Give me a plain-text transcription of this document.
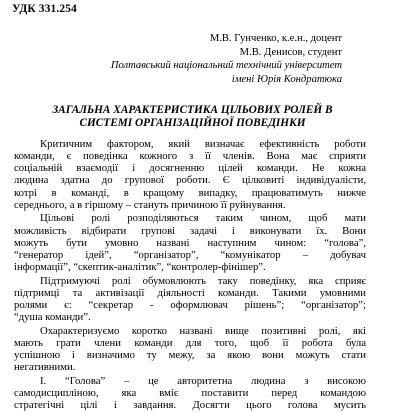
УДК 331.254
М.В. Гунченко, к.е.н., доцент
М.В. Денисов, студент
Полтавський національний технічний університет
імені Юрія Кондратюка
ЗАГАЛЬНА ХАРАКТЕРИСТИКА ЦІЛЬОВИХ РОЛЕЙ В
СИСТЕМІ ОРГАНІЗАЦІЙНОЇ ПОВЕДІНКИ
Критичним фактором, який визначає ефективність роботи
команди, є поведінка кожного з її членів. Вона має сприяти
соціальній взаємодії і досягненню цілей команди. Не кожна
людина здатна до групової роботи. Є цілковиті індивідуалісти,
котрі в команді, в кращому випадку, працюватимуть нижче
середнього, а в гіршому – стануть причиною її руйнування.
Цільові ролі розподіляються таким чином, щоб мати
можливість відбирати групові задачі і виконувати їх. Вони
можуть бути умовно названі наступним чином: “голова”,
“генератор ідей”, “організатор”, “комунікатор – добувач
інформації”, “скептик-аналітик”, “контролер-фінішер”.
Підтримуючі ролі обумовлюють таку поведінку, яка сприяє
підтримці та активізації діяльності команди. Такими умовними
ролями є: “секретар - оформлювач рішень”; “організатор”;
“душа команди”.
Охарактеризуємо коротко названі вище позитивні ролі, які
мають грати члени команди для того, щоб її робота була
успішною і визначимо ту межу, за якою вони можуть стати
негативними.
І. “Голова” – це авторитетна людина з високою
самодисципліною, яка вміє поставити перед командою
стратегічні цілі і завдання. Досягти цього голова мусить
